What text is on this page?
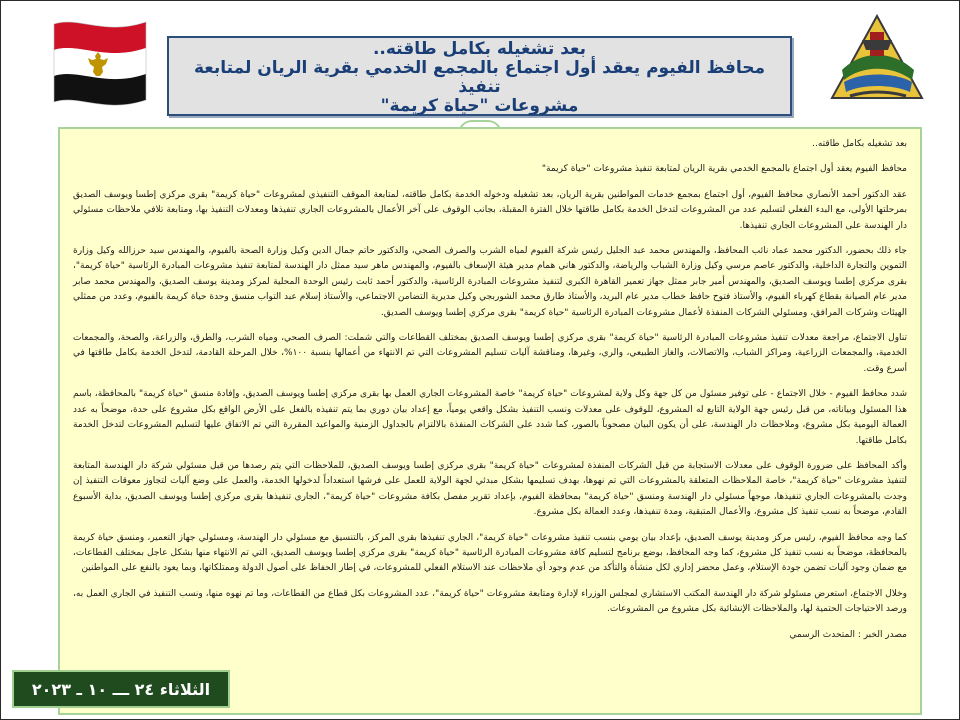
بعد تشغيله بكامل طاقته..

محافظ الفيوم يعقد أول اجتماع بالمجمع الخدمي بقرية الريان لمتابعة تنفيذ

مشروعات "حياة كريمة"

بعد تشغيله بكامل طاقته..

محافظ الفيوم يعقد أول اجتماع بالمجمع الخدمي بقرية الريان لمتابعة تنفيذ مشروعات "حياة كريمة"

عقد الدكتور أحمد الأنصاري محافظ الفيوم، أول اجتماع بمجمع خدمات المواطنين بقرية الريان، بعد تشغيله ودخوله الخدمة بكامل طاقته، لمتابعة الموقف التنفيذي لمشروعات "حياة كريمة" بقرى مركزي إطسا ويوسف الصديق بمرحلتها الأولى، مع البدء الفعلي لتسليم عدد من المشروعات لتدخل الخدمة بكامل طاقتها خلال الفترة المقبلة، بجانب الوقوف على آخر الأعمال بالمشروعات الجاري تنفيذها ومعدلات التنفيذ بها، ومتابعة تلافي ملاحظات مسئولي دار الهندسة على المشروعات الجاري تنفيذها.

جاء ذلك بحضور، الدكتور محمد عماد نائب المحافظ، والمهندس محمد عبد الجليل رئيس شركة الفيوم لمياه الشرب والصرف الصحي، والدكتور حاتم جمال الدين وكيل وزارة الصحة بالفيوم، والمهندس سيد حرزالله وكيل وزارة التموين والتجارة الداخلية، والدكتور عاصم مرسي وكيل وزارة الشباب والرياضة، والدكتور هاني همام مدير هيئة الإسعاف بالفيوم، والمهندس ماهر سيد ممثل دار الهندسة لمتابعة تنفيذ مشروعات المبادرة الرئاسية "حياة كريمة"، بقرى مركزي إطسا ويوسف الصديق، والمهندس أمير جابر ممثل جهاز تعمير القاهرة الكبرى لتنفيذ مشروعات المبادرة الرئاسية، والدكتور أحمد ثابت رئيس الوحدة المحلية لمركز ومدينة يوسف الصديق، والمهندس محمد صابر مدير عام الصيانة بقطاع كهرباء الفيوم، والأستاذ فتوح حافظ خطاب مدير عام البريد، والأستاذ طارق محمد الشوربجي وكيل مديرية التضامن الاجتماعي، والأستاذ إسلام عبد التواب منسق وحدة حياة كريمة بالفيوم، وعدد من ممثلي الهيئات وشركات المرافق، ومسئولي الشركات المنفذة لأعمال مشروعات المبادرة الرئاسية "حياة كريمة" بقرى مركزي إطسا ويوسف الصديق.

تناول الاجتماع، مراجعة معدلات تنفيذ مشروعات المبادرة الرئاسية "حياة كريمة" بقرى مركزي إطسا ويوسف الصديق بمختلف القطاعات والتي شملت: الصرف الصحي، ومياه الشرب، والطرق، والزراعة، والصحة، والمجمعات الخدمية، والمجمعات الزراعية، ومراكز الشباب، والاتصالات، والغاز الطبيعي، والري، وغيرها، ومناقشة آليات تسليم المشروعات التي تم الانتهاء من أعمالها بنسبة ١٠٠%، خلال المرحلة القادمة، لتدخل الخدمة بكامل طاقتها في أسرع وقت.

شدد محافظ الفيوم - خلال الاجتماع - على توفير مسئول من كل جهة وكل ولاية لمشروعات "حياة كريمة" خاصة المشروعات الجاري العمل بها بقرى مركزي إطسا ويوسف الصديق، وإفادة منسق "حياة كريمة" بالمحافظة، باسم هذا المسئول وبياناته، من قبل رئيس جهة الولاية التابع له المشروع، للوقوف على معدلات ونسب التنفيذ بشكل واقعي يومياً، مع إعداد بيان دوري بما يتم تنفيذه بالفعل على الأرض الواقع بكل مشروع على حدة، موضحاً به عدد العمالة اليومية بكل مشروع، وملاحظات دار الهندسة، على أن يكون البيان مصحوباً بالصور، كما شدد على الشركات المنفذة بالالتزام بالجداول الزمنية والمواعيد المقررة التي تم الاتفاق عليها لتسليم المشروعات لتدخل الخدمة بكامل طاقتها.

وأكد المحافظ على ضرورة الوقوف على معدلات الاستجابة من قبل الشركات المنفذة لمشروعات "حياة كريمة" بقرى مركزي إطسا ويوسف الصديق، للملاحظات التي يتم رصدها من قبل مسئولي شركة دار الهندسة المتابعة لتنفيذ مشروعات "حياة كريمة"، خاصة الملاحظات المتعلقة بالمشروعات التي تم نهوها، بهدف تسليمها بشكل مبدئي لجهة الولاية للعمل على فرشها استعداداً لدخولها الخدمة، والعمل على وضع آليات لتجاوز معوقات التنفيذ إن وجدت بالمشروعات الجاري تنفيذها، موجهاً مسئولي دار الهندسة ومنسق "حياة كريمة" بمحافظة الفيوم، بإعداد تقرير مفصل بكافة مشروعات "حياة كريمة"، الجاري تنفيذها بقرى مركزي إطسا ويوسف الصديق، بداية الأسبوع القادم، موضحاً به نسب تنفيذ كل مشروع، والأعمال المتبقية، ومدة تنفيذها، وعدد العمالة بكل مشروع.

كما وجه محافظ الفيوم، رئيس مركز ومدينة يوسف الصديق، بإعداد بيان يومي بنسب تنفيذ مشروعات "حياة كريمة"، الجاري تنفيذها بقرى المركز، بالتنسيق مع مسئولي دار الهندسة، ومسئولي جهاز التعمير، ومنسق حياة كريمة بالمحافظة، موضحاً به نسب تنفيذ كل مشروع، كما وجه المحافظ، بوضع برنامج لتسليم كافة مشروعات المبادرة الرئاسية "حياة كريمة" بقرى مركزي إطسا ويوسف الصديق، التي تم الانتهاء منها بشكل عاجل بمختلف القطاعات، مع ضمان وجود آليات تضمن جودة الإستلام، وعمل محضر إداري لكل منشأة والتأكد من عدم وجود أي ملاحظات عند الاستلام الفعلي للمشروعات، في إطار الحفاظ على أصول الدولة وممتلكاتها، وبما يعود بالنفع على المواطنين

وخلال الاجتماع، استعرض مسئولو شركة دار الهندسة المكتب الاستشاري لمجلس الوزراء لإدارة ومتابعة مشروعات "حياة كريمة"، عدد المشروعات بكل قطاع من القطاعات، وما تم نهوه منها، ونسب التنفيذ في الجاري العمل به، ورصد الاحتياجات الحتمية لها، والملاحظات الإنشائية بكل مشروع من المشروعات.

مصدر الخبر : المتحدث الرسمي

الثلاثاء ٢٤ ـــ ١٠ ـ ٢٠٢٣
